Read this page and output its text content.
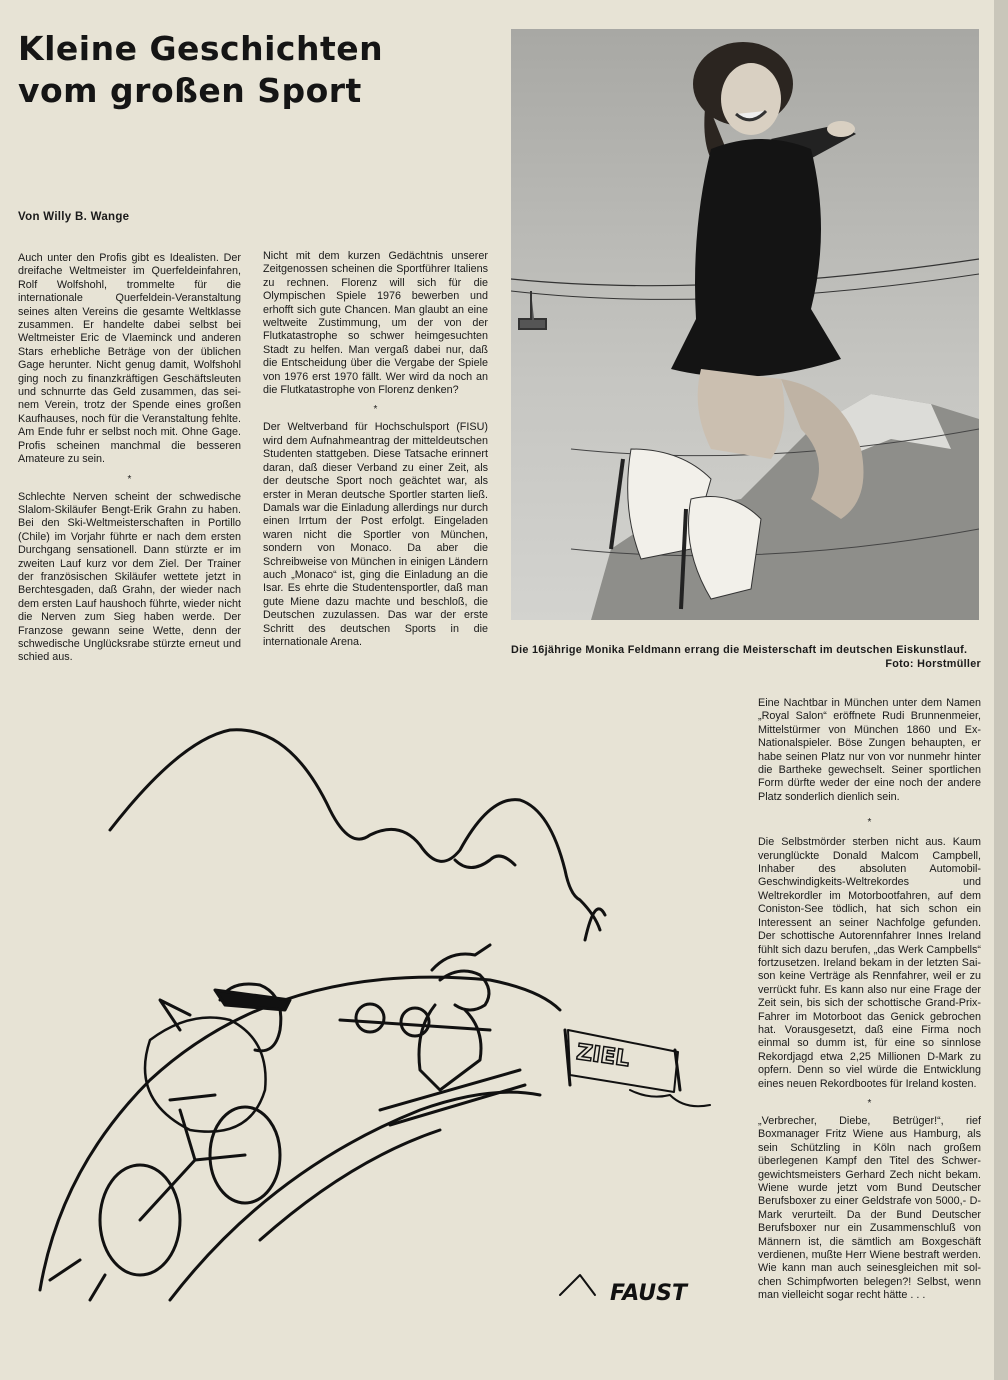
Kleine Geschichten
vom großen Sport
Von Willy B. Wange

Auch unter den Profis gibt es Idealisten. Der dreifache Weltmeister im Querfeldeinfahren, Rolf Wolfshohl, trommelte für die internationale Querfeldein-Veranstaltung seines alten Vereins die gesamte Weltklasse zusammen. Er handelte dabei selbst bei Weltmeister Eric de Vlaeminck und anderen Stars erhebliche Beträge von der üblichen Gage herunter. Nicht genug damit, Wolfshohl ging noch zu finanzkräftigen Geschäftsleuten und schnurrte das Geld zusammen, das seinem Verein, trotz der Spende eines großen Kaufhauses, noch für die Veranstaltung fehlte. Am Ende fuhr er selbst noch mit. Ohne Gage. Profis scheinen manchmal die besseren Amateure zu sein.

*

Schlechte Nerven scheint der schwedische Slalom-Skiläufer Bengt-Erik Grahn zu haben. Bei den Ski-Weltmeisterschaften in Portillo (Chile) im Vorjahr führte er nach dem ersten Durchgang sensationell. Dann stürzte er im zweiten Lauf kurz vor dem Ziel. Der Trainer der französischen Skiläufer wettete jetzt in Berchtesgaden, daß Grahn, der wieder nach dem ersten Lauf haushoch führte, wieder nicht die Nerven zum Sieg haben werde. Der Franzose gewann seine Wette, denn der schwedische Unglücksrabe stürzte erneut und schied aus.

Nicht mit dem kurzen Gedächtnis unserer Zeitgenossen scheinen die Sportführer Italiens zu rechnen. Florenz will sich für die Olympischen Spiele 1976 bewerben und erhofft sich gute Chancen. Man glaubt an eine weltweite Zustimmung, um der von der Flutkatastrophe so schwer heimgesuchten Stadt zu helfen. Man vergaß dabei nur, daß die Entscheidung über die Vergabe der Spiele von 1976 erst 1970 fällt. Wer wird da noch an die Flutkatastrophe von Florenz denken?

*

Der Weltverband für Hochschulsport (FISU) wird dem Aufnahmeantrag der mitteldeutschen Studenten stattgeben. Diese Tatsache erinnert daran, daß dieser Verband zu einer Zeit, als der deutsche Sport noch geächtet war, als erster in Meran deutsche Sportler starten ließ. Damals war die Einladung allerdings nur durch einen Irrtum der Post erfolgt. Eingeladen waren nicht die Sportler von München, sondern von Monaco. Da aber die Schreibweise von München in einigen Ländern auch „Monaco“ ist, ging die Einladung an die Isar. Es ehrte die Studentensportler, daß man gute Miene dazu machte und beschloß, die Deutschen zuzulassen. Das war der erste Schritt des deutschen Sports in die internationale Arena.

Die 16jährige Monika Feldmann errang die Meisterschaft im deutschen Eiskunstlauf.
Foto: Horstmüller

Eine Nachtbar in München unter dem Namen „Royal Salon“ eröffnete Rudi Brunnenmeier, Mittelstürmer von München 1860 und Ex-Nationalspieler. Böse Zungen behaupten, er habe seinen Platz nur von vor nunmehr hinter die Bartheke gewechselt. Seiner sportlichen Form dürfte weder der eine noch der andere Platz sonderlich dienlich sein.

*

Die Selbstmörder sterben nicht aus. Kaum verunglückte Donald Malcom Campbell, Inhaber des absoluten Automobil-Geschwindigkeits-Weltrekordes und Weltrekordler im Motorbootfahren, auf dem Coniston-See tödlich, hat sich schon ein Interessent an seiner Nachfolge gefunden. Der schottische Autorennfahrer Innes Ireland fühlt sich dazu berufen, „das Werk Campbells“ fortzusetzen. Ireland bekam in der letzten Saison keine Verträge als Rennfahrer, weil er zu verrückt fuhr. Es kann also nur eine Frage der Zeit sein, bis sich der schottische Grand-Prix-Fahrer im Motorboot das Genick gebrochen hat. Vorausgesetzt, daß eine Firma noch einmal so dumm ist, für eine so sinnlose Rekordjagd etwa 2,25 Millionen D-Mark zu opfern. Denn so viel würde die Entwicklung eines neuen Rekordbootes für Ireland kosten.

*

„Verbrecher, Diebe, Betrüger!“, rief Boxmanager Fritz Wiene aus Hamburg, als sein Schützling in Köln nach großem überlegenen Kampf den Titel des Schwergewichtsmeisters Gerhard Zech nicht bekam. Wiene wurde jetzt vom Bund Deutscher Berufsboxer zu einer Geldstrafe von 5000,- D-Mark verurteilt. Da der Bund Deutscher Berufsboxer nur ein Zusammenschluß von Männern ist, die sämtlich am Boxgeschäft verdienen, mußte Herr Wiene bestraft werden. Wie kann man auch seinesgleichen mit solchen Schimpfworten belegen?! Selbst, wenn man vielleicht sogar recht hätte . . .

ZIEL
FAUST
